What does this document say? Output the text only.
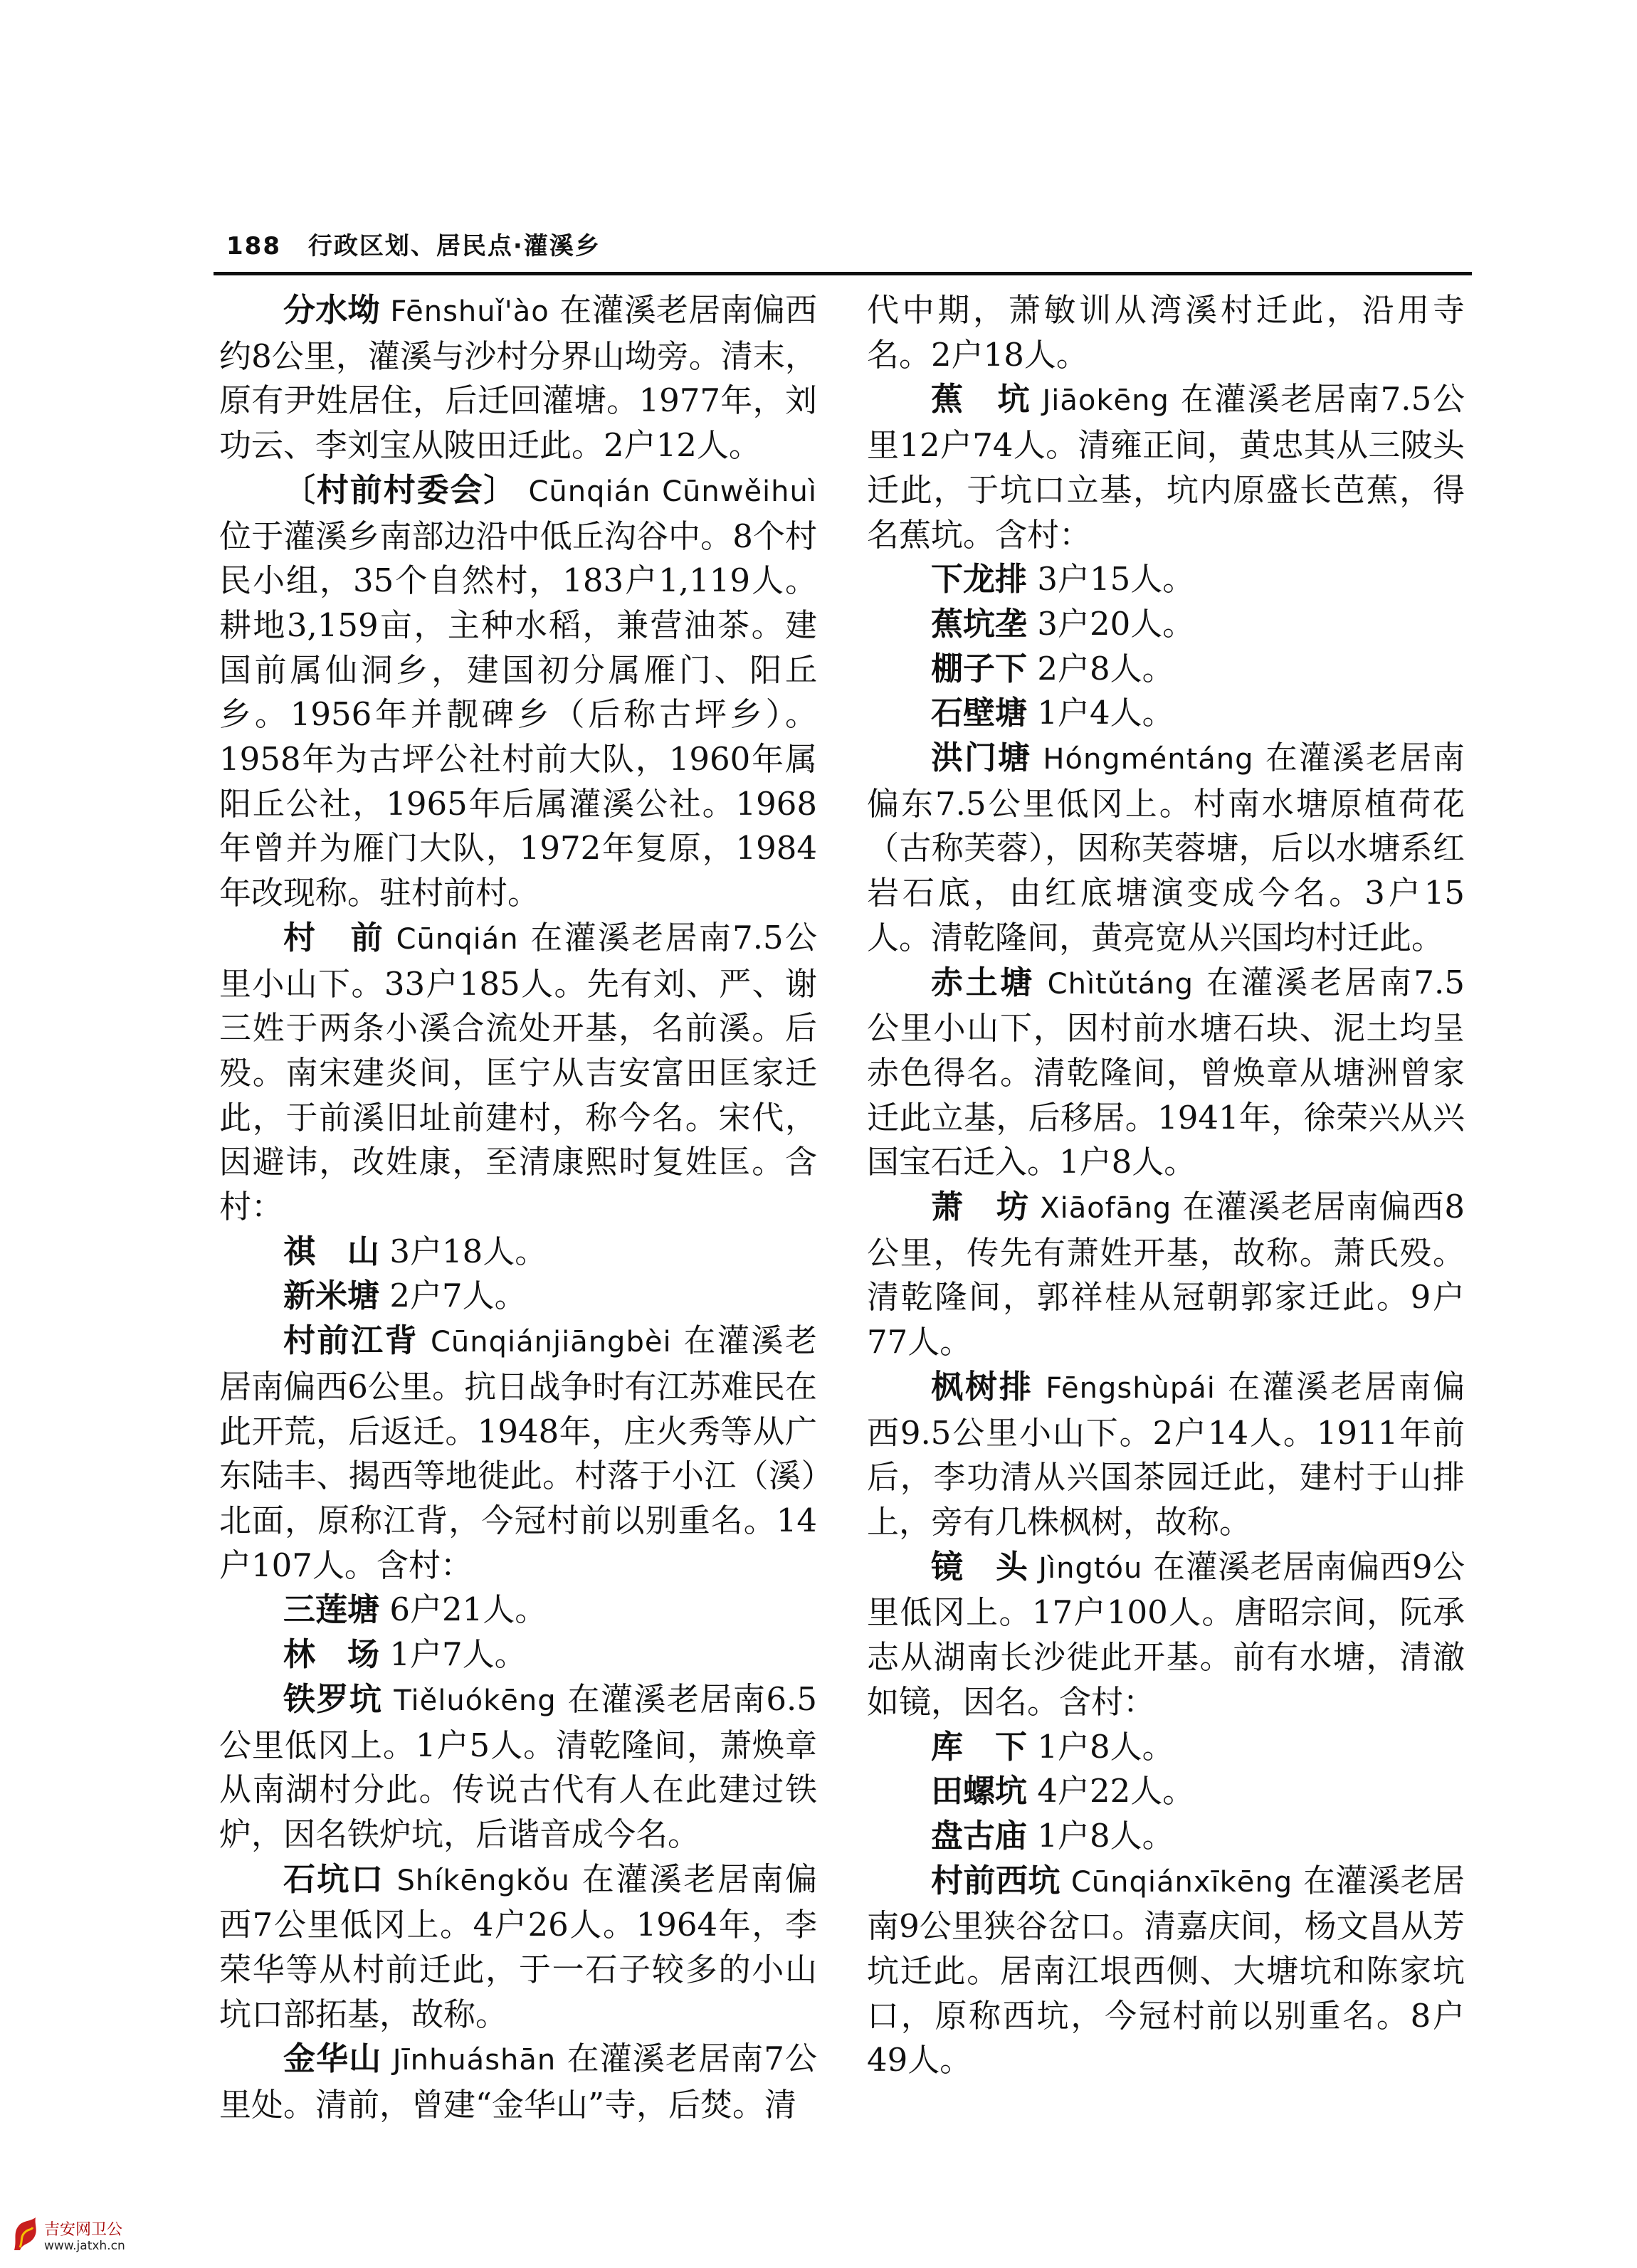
188 行政区划、居民点·灌溪乡

分水坳 Fēnshuǐ'ào 在灌溪老居南偏西约8公里，灌溪与沙村分界山坳旁。清末，原有尹姓居住，后迁回灌塘。1977年，刘功云、李刘宝从陂田迁此。2户12人。

〔村前村委会〕 Cūnqián Cūnwěihuì 位于灌溪乡南部边沿中低丘沟谷中。8个村民小组，35个自然村，183户1,119人。耕地3,159亩，主种水稻，兼营油茶。建国前属仙洞乡，建国初分属雁门、阳丘乡。1956年并靓碑乡（后称古坪乡）。1958年为古坪公社村前大队，1960年属阳丘公社，1965年后属灌溪公社。1968年曾并为雁门大队，1972年复原，1984年改现称。驻村前村。

村　前 Cūnqián 在灌溪老居南7.5公里小山下。33户185人。先有刘、严、谢三姓于两条小溪合流处开基，名前溪。后殁。南宋建炎间，匡宁从吉安富田匡家迁此，于前溪旧址前建村，称今名。宋代，因避讳，改姓康，至清康熙时复姓匡。含村：

祺　山 3户18人。

新米塘 2户7人。

村前江背 Cūnqiánjiāngbèi 在灌溪老居南偏西6公里。抗日战争时有江苏难民在此开荒，后返迁。1948年，庄火秀等从广东陆丰、揭西等地徙此。村落于小江（溪）北面，原称江背，今冠村前以别重名。14户107人。含村：

三莲塘 6户21人。

林　场 1户7人。

铁罗坑 Tiěluókēng 在灌溪老居南6.5公里低冈上。1户5人。清乾隆间，萧焕章从南湖村分此。传说古代有人在此建过铁炉，因名铁炉坑，后谐音成今名。

石坑口 Shíkēngkǒu 在灌溪老居南偏西7公里低冈上。4户26人。1964年，李荣华等从村前迁此，于一石子较多的小山坑口部拓基，故称。

金华山 Jīnhuáshān 在灌溪老居南7公里处。清前，曾建“金华山”寺，后焚。清

代中期，萧敏训从湾溪村迁此，沿用寺名。2户18人。

蕉　坑 Jiāokēng 在灌溪老居南7.5公里12户74人。清雍正间，黄忠其从三陂头迁此，于坑口立基，坑内原盛长芭蕉，得名蕉坑。含村：

下龙排 3户15人。

蕉坑垄 3户20人。

棚子下 2户8人。

石壁塘 1户4人。

洪门塘 Hóngméntáng 在灌溪老居南偏东7.5公里低冈上。村南水塘原植荷花（古称芙蓉），因称芙蓉塘，后以水塘系红岩石底，由红底塘演变成今名。3户15人。清乾隆间，黄亮宽从兴国均村迁此。

赤土塘 Chìtǔtáng 在灌溪老居南7.5公里小山下，因村前水塘石块、泥土均呈赤色得名。清乾隆间，曾焕章从塘洲曾家迁此立基，后移居。1941年，徐荣兴从兴国宝石迁入。1户8人。

萧　坊 Xiāofāng 在灌溪老居南偏西8公里，传先有萧姓开基，故称。萧氏殁。清乾隆间，郭祥桂从冠朝郭家迁此。9户77人。

枫树排 Fēngshùpái 在灌溪老居南偏西9.5公里小山下。2户14人。1911年前后，李功清从兴国茶园迁此，建村于山排上，旁有几株枫树，故称。

镜　头 Jìngtóu 在灌溪老居南偏西9公里低冈上。17户100人。唐昭宗间，阮承志从湖南长沙徙此开基。前有水塘，清澈如镜，因名。含村：

库　下 1户8人。

田螺坑 4户22人。

盘古庙 1户8人。

村前西坑 Cūnqiánxīkēng 在灌溪老居南9公里狭谷岔口。清嘉庆间，杨文昌从芳坑迁此。居南江垠西侧、大塘坑和陈家坑口，原称西坑，今冠村前以别重名。8户49人。

吉安网卫公
www.jatxh.cn
